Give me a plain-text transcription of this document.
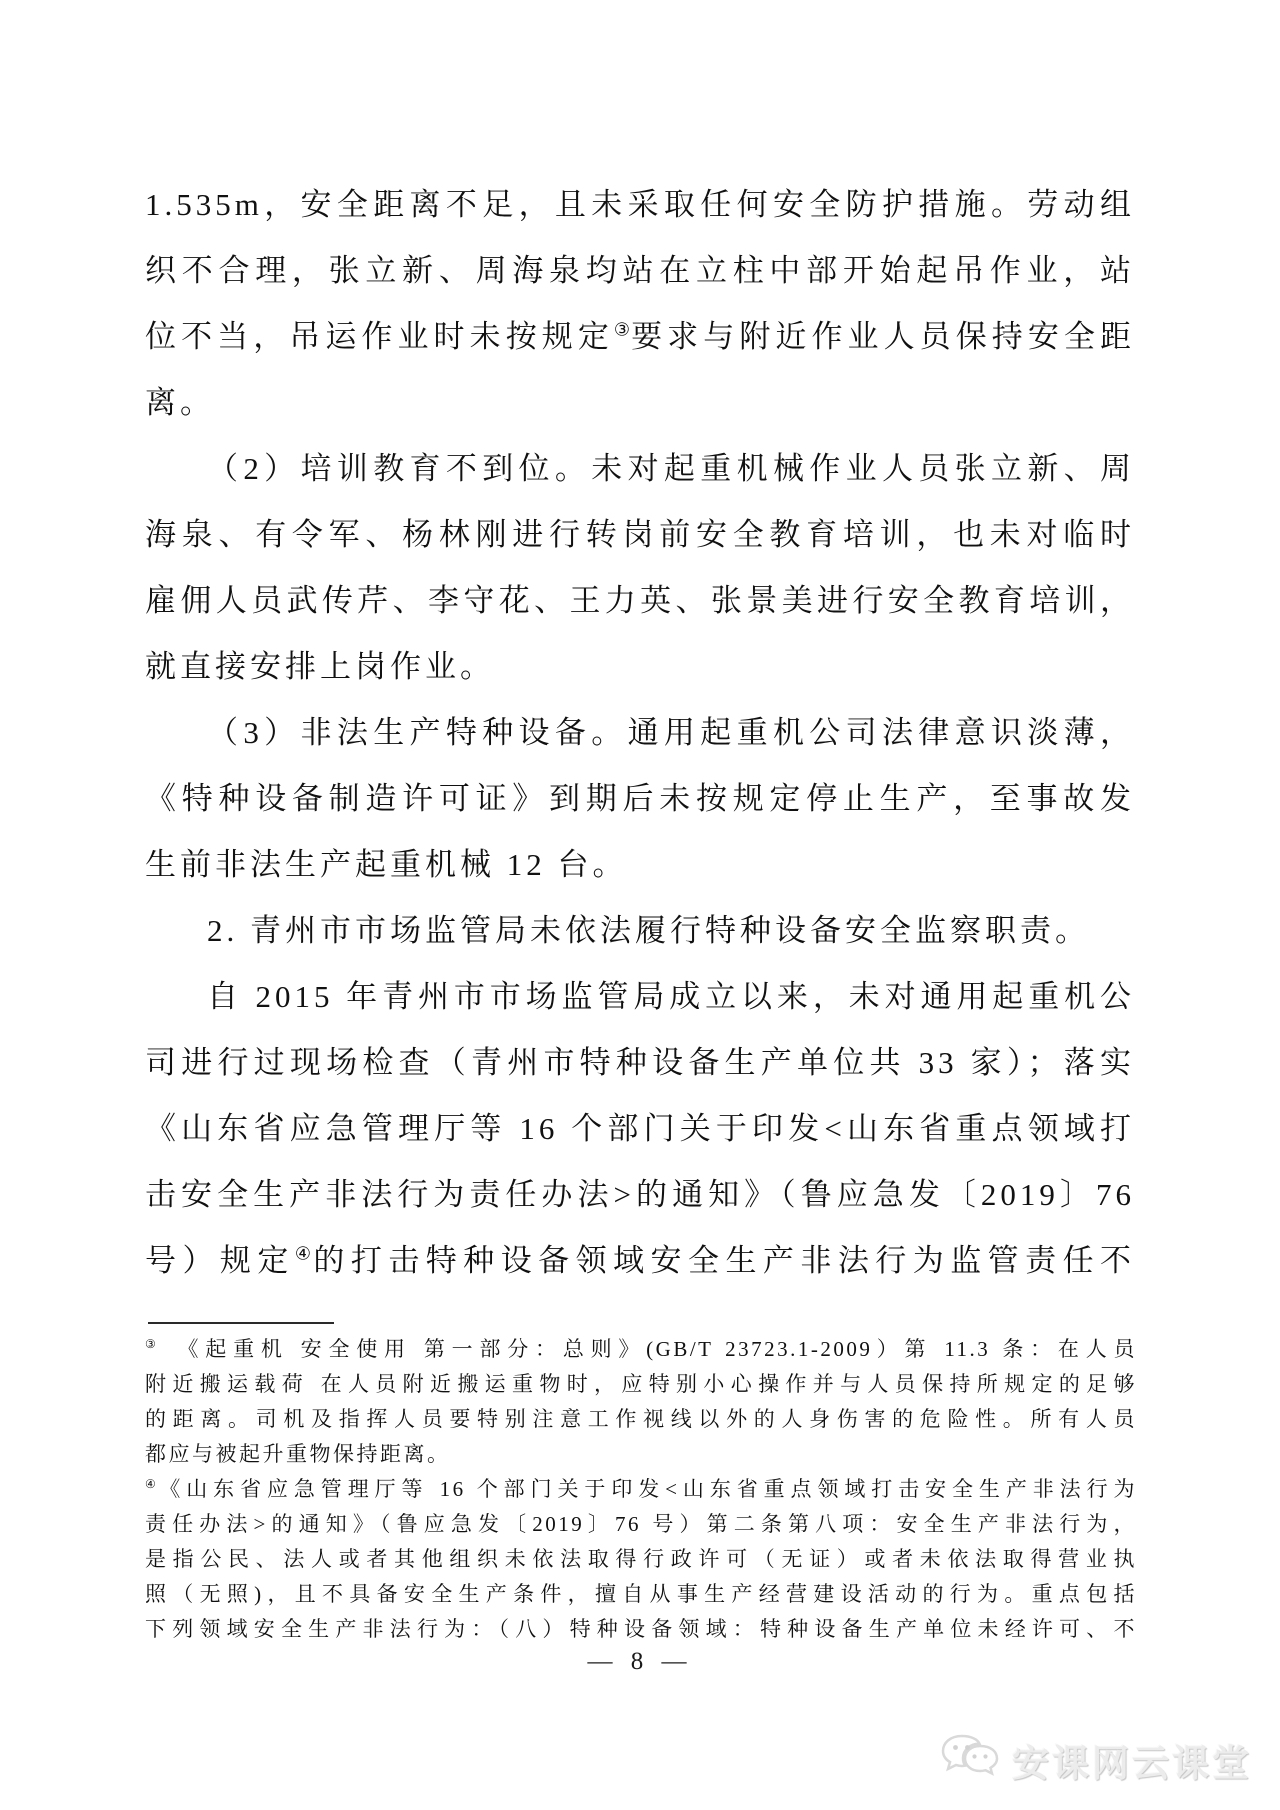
1.535m，安全距离不足，且未采取任何安全防护措施。劳动组

织不合理，张立新、周海泉均站在立柱中部开始起吊作业，站

位不当，吊运作业时未按规定③要求与附近作业人员保持安全距

离。

（2）培训教育不到位。未对起重机械作业人员张立新、周

海泉、有令军、杨林刚进行转岗前安全教育培训，也未对临时

雇佣人员武传芹、李守花、王力英、张景美进行安全教育培训，

就直接安排上岗作业。

（3）非法生产特种设备。通用起重机公司法律意识淡薄，

《特种设备制造许可证》到期后未按规定停止生产，至事故发

生前非法生产起重机械 12 台。

2. 青州市市场监管局未依法履行特种设备安全监察职责。

自 2015 年青州市市场监管局成立以来，未对通用起重机公

司进行过现场检查（青州市特种设备生产单位共 33 家）；落实

《山东省应急管理厅等 16 个部门关于印发<山东省重点领域打

击安全生产非法行为责任办法>的通知》（鲁应急发〔2019〕76

号）规定④的打击特种设备领域安全生产非法行为监管责任不

③　《起重机 安全使用 第一部分：总则》(GB/T 23723.1-2009）第 11.3 条：在人员

附近搬运载荷 在人员附近搬运重物时，应特别小心操作并与人员保持所规定的足够

的距离。司机及指挥人员要特别注意工作视线以外的人身伤害的危险性。所有人员

都应与被起升重物保持距离。

④《山东省应急管理厅等 16 个部门关于印发<山东省重点领域打击安全生产非法行为

责任办法>的通知》（鲁应急发〔2019〕76 号）第二条第八项：安全生产非法行为，

是指公民、法人或者其他组织未依法取得行政许可（无证）或者未依法取得营业执

照（无照)，且不具备安全生产条件，擅自从事生产经营建设活动的行为。重点包括

下列领域安全生产非法行为：（八）特种设备领域：特种设备生产单位未经许可、不

— 8 —
安课网云课堂
